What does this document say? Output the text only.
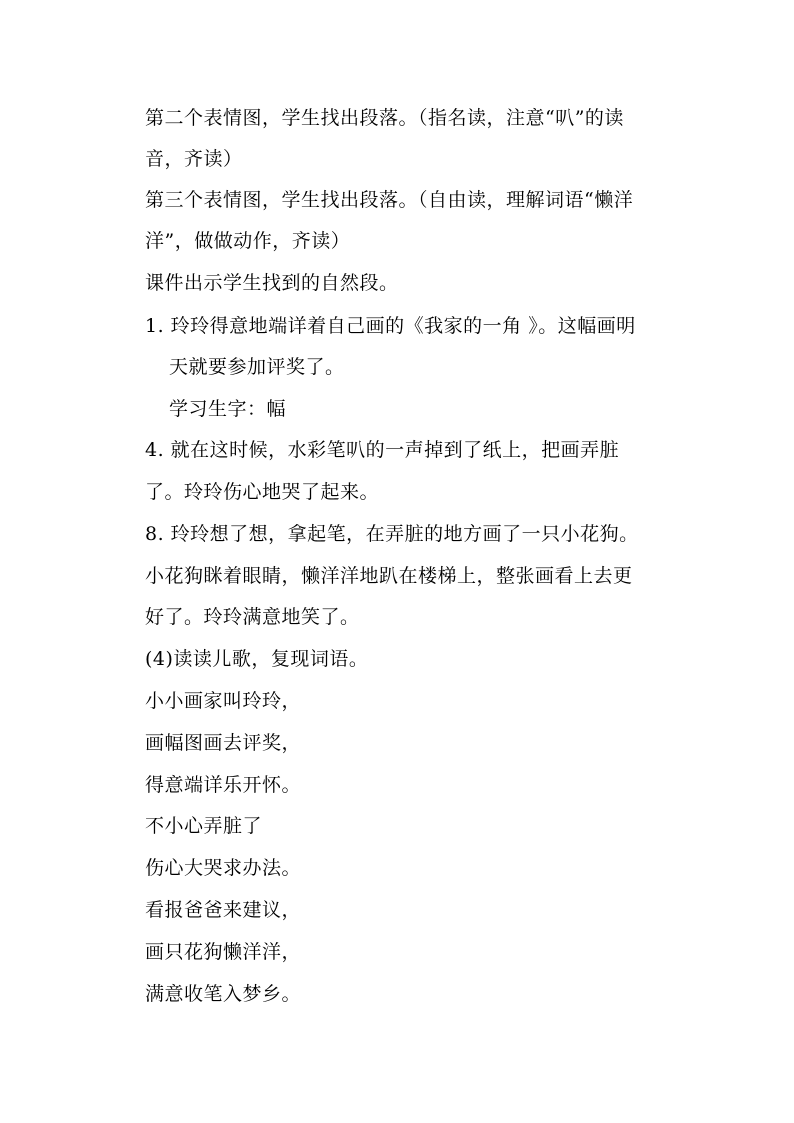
第二个表情图，学生找出段落。（指名读，注意“叭”的读
音，齐读）
第三个表情图，学生找出段落。（自由读，理解词语“懒洋
洋”，做做动作，齐读）
课件出示学生找到的自然段。
1. 玲玲得意地端详着自己画的《我家的一角 》。这幅画明
天就要参加评奖了。
学习生字：幅
4. 就在这时候，水彩笔叭的一声掉到了纸上，把画弄脏
了。玲玲伤心地哭了起来。
8. 玲玲想了想，拿起笔，在弄脏的地方画了一只小花狗。
小花狗眯着眼睛，懒洋洋地趴在楼梯上，整张画看上去更
好了。玲玲满意地笑了。
(4)读读儿歌，复现词语。
小小画家叫玲玲，
画幅图画去评奖，
得意端详乐开怀。
不小心弄脏了
伤心大哭求办法。
看报爸爸来建议，
画只花狗懒洋洋，
满意收笔入梦乡。
